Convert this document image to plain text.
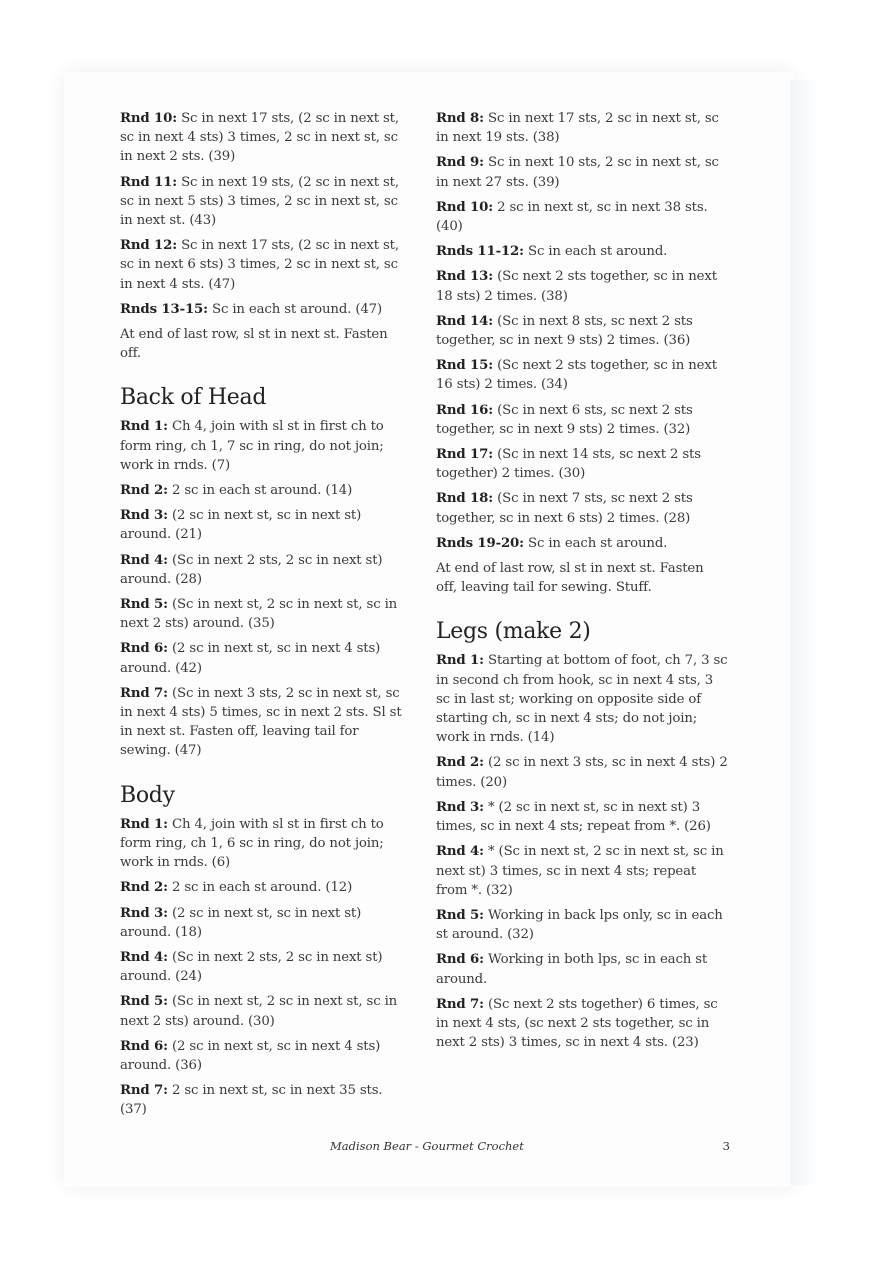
Rnd 10: Sc in next 17 sts, (2 sc in next st, sc in next 4 sts) 3 times, 2 sc in next st, sc in next 2 sts. (39)

Rnd 11: Sc in next 19 sts, (2 sc in next st, sc in next 5 sts) 3 times, 2 sc in next st, sc in next st. (43)

Rnd 12: Sc in next 17 sts, (2 sc in next st, sc in next 6 sts) 3 times, 2 sc in next st, sc in next 4 sts. (47)

Rnds 13-15: Sc in each st around. (47)

At end of last row, sl st in next st. Fasten off.

Back of Head

Rnd 1: Ch 4, join with sl st in first ch to form ring, ch 1, 7 sc in ring, do not join; work in rnds. (7)

Rnd 2: 2 sc in each st around. (14)

Rnd 3: (2 sc in next st, sc in next st) around. (21)

Rnd 4: (Sc in next 2 sts, 2 sc in next st) around. (28)

Rnd 5: (Sc in next st, 2 sc in next st, sc in next 2 sts) around. (35)

Rnd 6: (2 sc in next st, sc in next 4 sts) around. (42)

Rnd 7: (Sc in next 3 sts, 2 sc in next st, sc in next 4 sts) 5 times, sc in next 2 sts. Sl st in next st. Fasten off, leaving tail for sewing. (47)

Body

Rnd 1: Ch 4, join with sl st in first ch to form ring, ch 1, 6 sc in ring, do not join; work in rnds. (6)

Rnd 2: 2 sc in each st around. (12)

Rnd 3: (2 sc in next st, sc in next st) around. (18)

Rnd 4: (Sc in next 2 sts, 2 sc in next st) around. (24)

Rnd 5: (Sc in next st, 2 sc in next st, sc in next 2 sts) around. (30)

Rnd 6: (2 sc in next st, sc in next 4 sts) around. (36)

Rnd 7: 2 sc in next st, sc in next 35 sts. (37)

Rnd 8: Sc in next 17 sts, 2 sc in next st, sc in next 19 sts. (38)

Rnd 9: Sc in next 10 sts, 2 sc in next st, sc in next 27 sts. (39)

Rnd 10: 2 sc in next st, sc in next 38 sts. (40)

Rnds 11-12: Sc in each st around.

Rnd 13: (Sc next 2 sts together, sc in next 18 sts) 2 times. (38)

Rnd 14: (Sc in next 8 sts, sc next 2 sts together, sc in next 9 sts) 2 times. (36)

Rnd 15: (Sc next 2 sts together, sc in next 16 sts) 2 times. (34)

Rnd 16: (Sc in next 6 sts, sc next 2 sts together, sc in next 9 sts) 2 times. (32)

Rnd 17: (Sc in next 14 sts, sc next 2 sts together) 2 times. (30)

Rnd 18: (Sc in next 7 sts, sc next 2 sts together, sc in next 6 sts) 2 times. (28)

Rnds 19-20: Sc in each st around.

At end of last row, sl st in next st. Fasten off, leaving tail for sewing. Stuff.

Legs (make 2)

Rnd 1: Starting at bottom of foot, ch 7, 3 sc in second ch from hook, sc in next 4 sts, 3 sc in last st; working on opposite side of starting ch, sc in next 4 sts; do not join; work in rnds. (14)

Rnd 2: (2 sc in next 3 sts, sc in next 4 sts) 2 times. (20)

Rnd 3: * (2 sc in next st, sc in next st) 3 times, sc in next 4 sts; repeat from *. (26)

Rnd 4: * (Sc in next st, 2 sc in next st, sc in next st) 3 times, sc in next 4 sts; repeat from *. (32)

Rnd 5: Working in back lps only, sc in each st around. (32)

Rnd 6: Working in both lps, sc in each st around.

Rnd 7: (Sc next 2 sts together) 6 times, sc in next 4 sts, (sc next 2 sts together, sc in next 2 sts) 3 times, sc in next 4 sts. (23)

Madison Bear - Gourmet Crochet	3
